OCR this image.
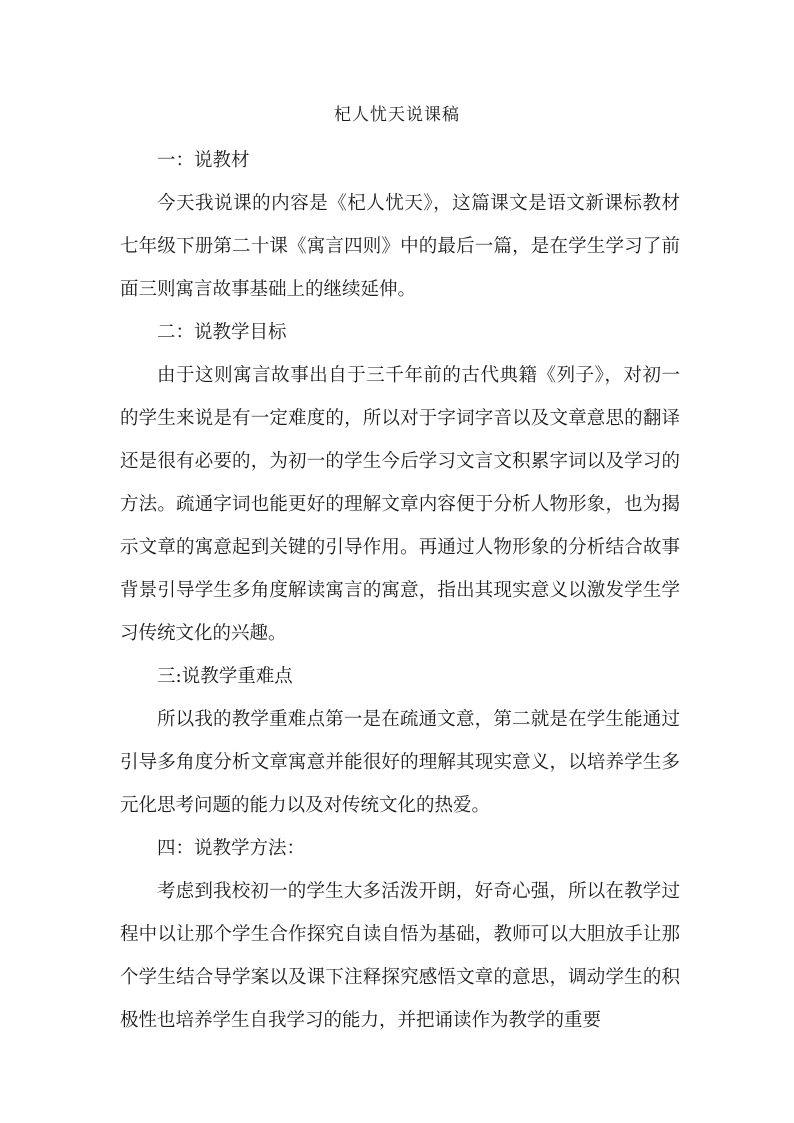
杞人忧天说课稿

一：说教材

今天我说课的内容是《杞人忧天》，这篇课文是语文新课标教材七年级下册第二十课《寓言四则》中的最后一篇，是在学生学习了前面三则寓言故事基础上的继续延伸。

二：说教学目标

由于这则寓言故事出自于三千年前的古代典籍《列子》，对初一的学生来说是有一定难度的，所以对于字词字音以及文章意思的翻译还是很有必要的，为初一的学生今后学习文言文积累字词以及学习的方法。疏通字词也能更好的理解文章内容便于分析人物形象，也为揭示文章的寓意起到关键的引导作用。再通过人物形象的分析结合故事背景引导学生多角度解读寓言的寓意，指出其现实意义以激发学生学习传统文化的兴趣。

三:说教学重难点

所以我的教学重难点第一是在疏通文意，第二就是在学生能通过引导多角度分析文章寓意并能很好的理解其现实意义，以培养学生多元化思考问题的能力以及对传统文化的热爱。

四：说教学方法：

考虑到我校初一的学生大多活泼开朗，好奇心强，所以在教学过程中以让那个学生合作探究自读自悟为基础，教师可以大胆放手让那个学生结合导学案以及课下注释探究感悟文章的意思，调动学生的积极性也培养学生自我学习的能力，并把诵读作为教学的重要
